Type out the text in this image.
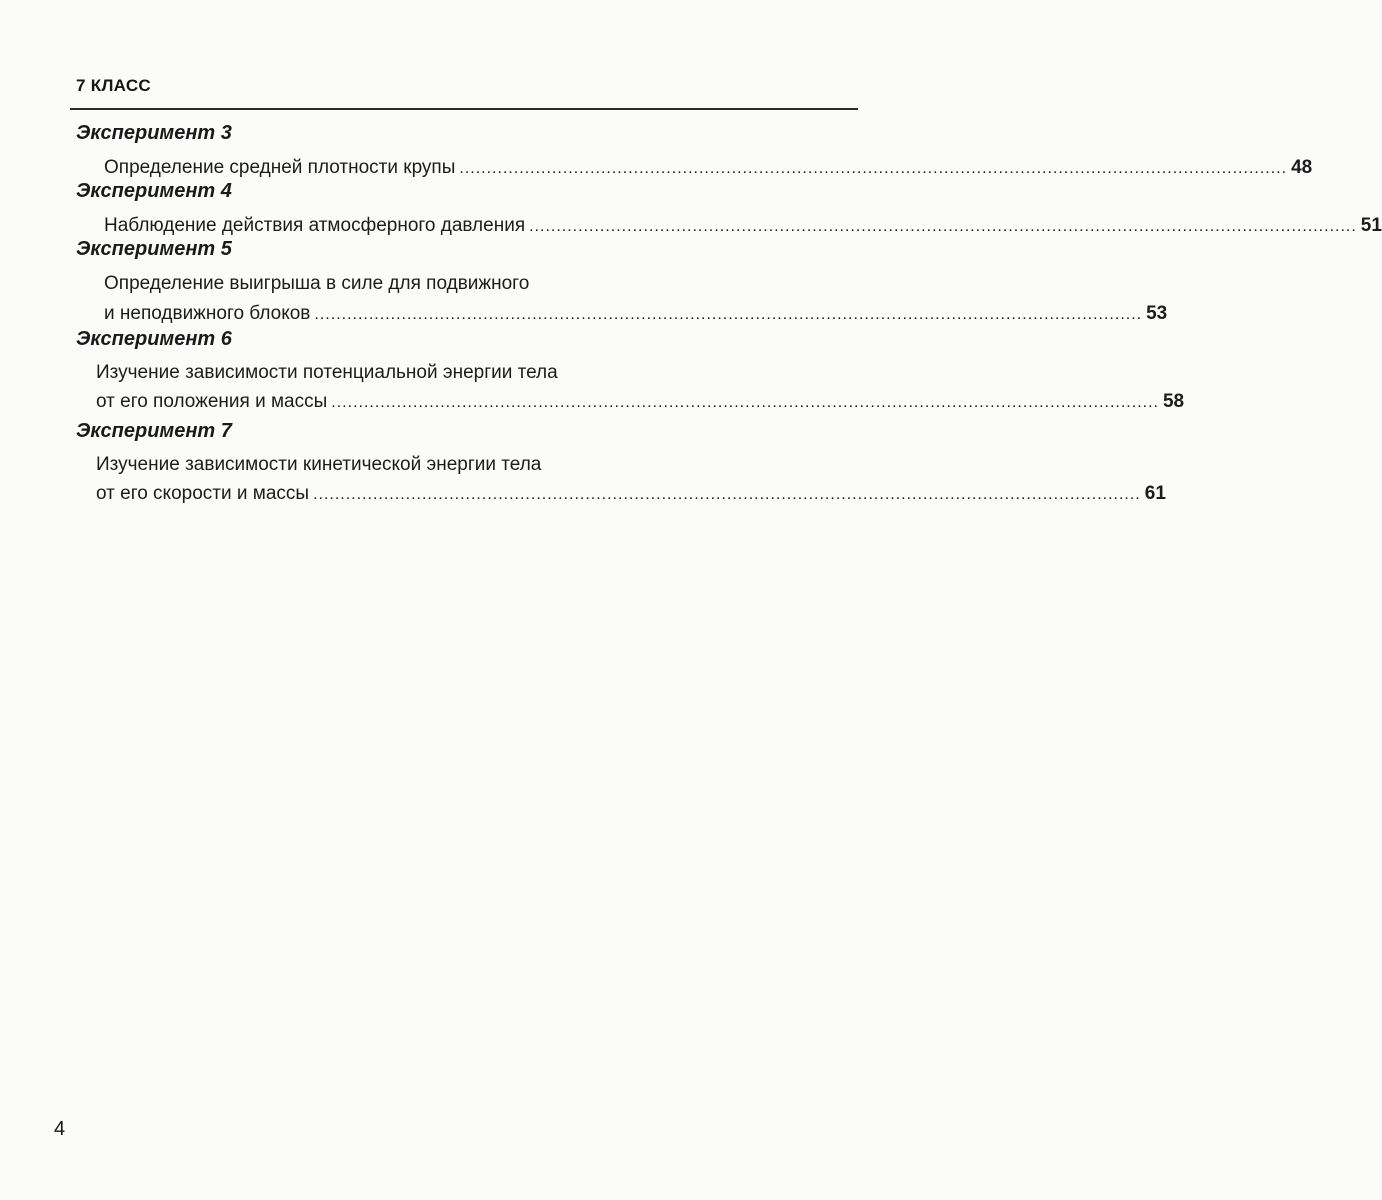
7 КЛАСС
Эксперимент 3
Определение средней плотности крупы ........................................................................................................................................................ 48
Эксперимент 4
Наблюдение действия атмосферного давления ........................................................................................................................................................ 51
Эксперимент 5
Определение выигрыша в силе для подвижного
и неподвижного блоков ........................................................................................................................................................ 53
Эксперимент 6
Изучение зависимости потенциальной энергии тела
от его положения и массы ........................................................................................................................................................ 58
Эксперимент 7
Изучение зависимости кинетической энергии тела
от его скорости и массы ........................................................................................................................................................ 61
4
